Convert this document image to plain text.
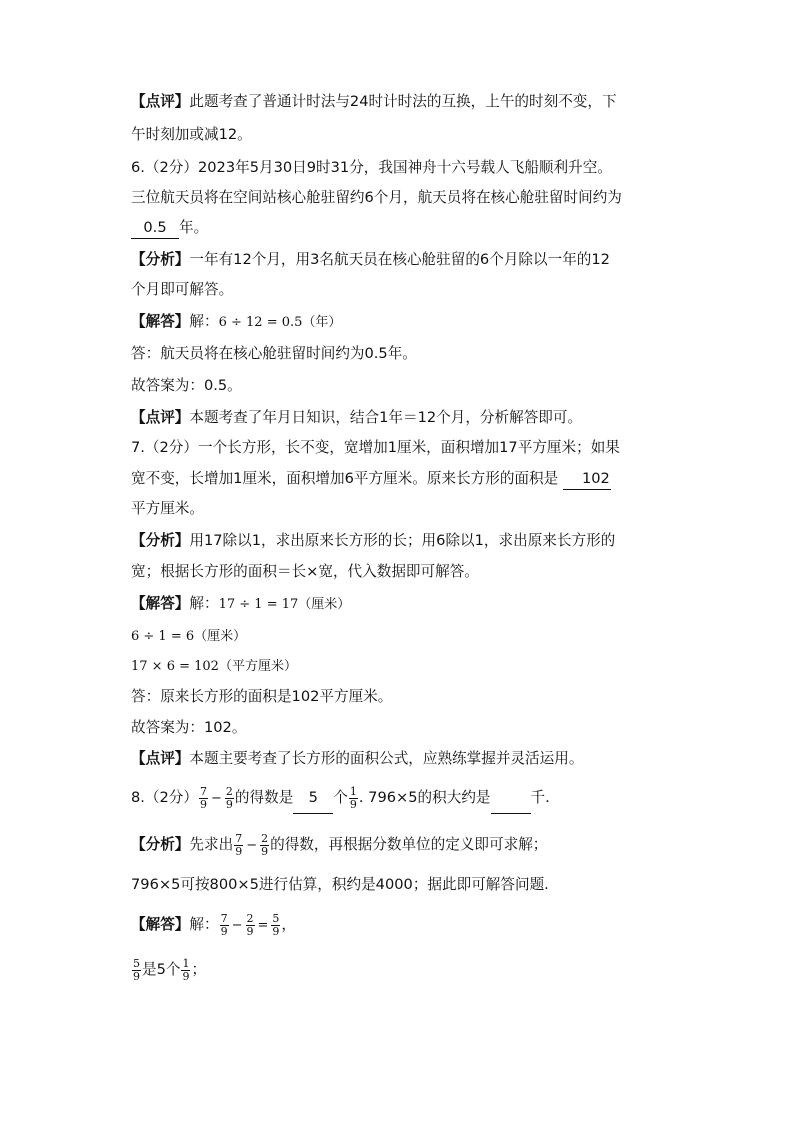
【点评】此题考查了普通计时法与24时计时法的互换，上午的时刻不变，下
午时刻加或减12。
6.（2分）2023年5月30日9时31分，我国神舟十六号载人飞船顺利升空。
三位航天员将在空间站核心舱驻留约6个月，航天员将在核心舱驻留时间约为
0.5 年。
【分析】一年有12个月，用3名航天员在核心舱驻留的6个月除以一年的12
个月即可解答。
【解答】解：6 ÷ 12 = 0.5（年）
答：航天员将在核心舱驻留时间约为0.5年。
故答案为：0.5。
【点评】本题考查了年月日知识，结合1年＝12个月，分析解答即可。
7.（2分）一个长方形，长不变，宽增加1厘米，面积增加17平方厘米；如果
宽不变，长增加1厘米，面积增加6平方厘米。原来长方形的面积是 102
平方厘米。
【分析】用17除以1，求出原来长方形的长；用6除以1，求出原来长方形的
宽；根据长方形的面积＝长×宽，代入数据即可解答。
【解答】解：17 ÷ 1 = 17（厘米）
6 ÷ 1 = 6（厘米）
17 × 6 = 102（平方厘米）
答：原来长方形的面积是102平方厘米。
故答案为：102。
【点评】本题主要考查了长方形的面积公式，应熟练掌握并灵活运用。
8.（2分） $\frac{7}{9} - \frac{2}{9}$ 的得数是 5 个 $\frac{1}{9}$ . 796×5的积大约是	千.
【分析】先求出 $\frac{7}{9} - \frac{2}{9}$ 的得数，再根据分数单位的定义即可求解；
796×5可按800×5进行估算，积约是4000；据此即可解答问题.
【解答】解： $\frac{7}{9} - \frac{2}{9} = \frac{5}{9}$ ，
$\frac{5}{9}$ 是5个 $\frac{1}{9}$ ；
